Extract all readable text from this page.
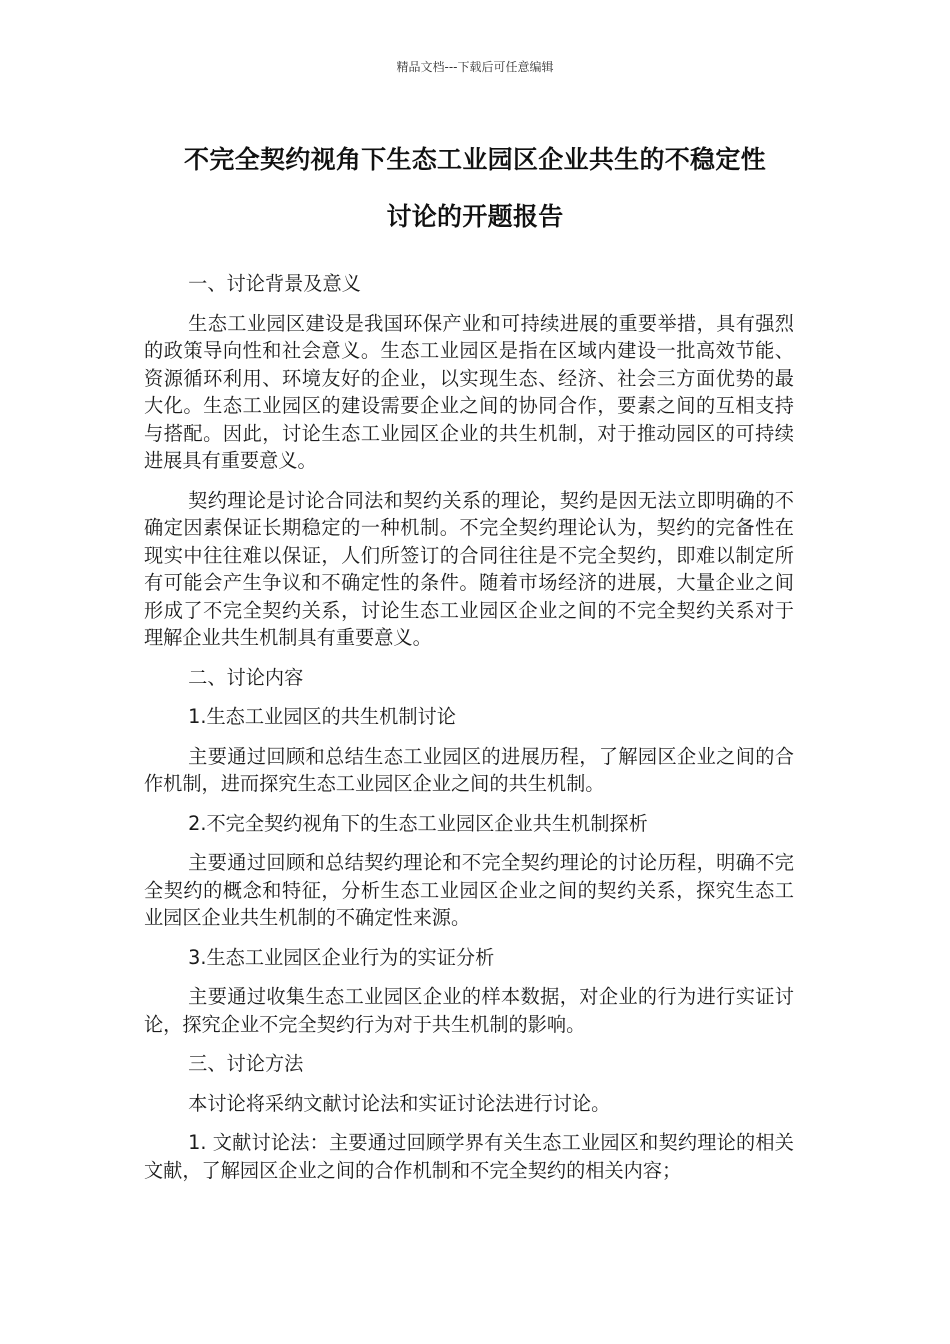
精品文档---下载后可任意编辑
不完全契约视角下生态工业园区企业共生的不稳定性
讨论的开题报告

一、讨论背景及意义

生态工业园区建设是我国环保产业和可持续进展的重要举措，具有强烈的政策导向性和社会意义。生态工业园区是指在区域内建设一批高效节能、资源循环利用、环境友好的企业，以实现生态、经济、社会三方面优势的最大化。生态工业园区的建设需要企业之间的协同合作，要素之间的互相支持与搭配。因此，讨论生态工业园区企业的共生机制，对于推动园区的可持续进展具有重要意义。

契约理论是讨论合同法和契约关系的理论，契约是因无法立即明确的不确定因素保证长期稳定的一种机制。不完全契约理论认为，契约的完备性在现实中往往难以保证，人们所签订的合同往往是不完全契约，即难以制定所有可能会产生争议和不确定性的条件。随着市场经济的进展，大量企业之间形成了不完全契约关系，讨论生态工业园区企业之间的不完全契约关系对于理解企业共生机制具有重要意义。

二、讨论内容

1.生态工业园区的共生机制讨论

主要通过回顾和总结生态工业园区的进展历程，了解园区企业之间的合作机制，进而探究生态工业园区企业之间的共生机制。

2.不完全契约视角下的生态工业园区企业共生机制探析

主要通过回顾和总结契约理论和不完全契约理论的讨论历程，明确不完全契约的概念和特征，分析生态工业园区企业之间的契约关系，探究生态工业园区企业共生机制的不确定性来源。

3.生态工业园区企业行为的实证分析

主要通过收集生态工业园区企业的样本数据，对企业的行为进行实证讨论，探究企业不完全契约行为对于共生机制的影响。

三、讨论方法

本讨论将采纳文献讨论法和实证讨论法进行讨论。

1. 文献讨论法：主要通过回顾学界有关生态工业园区和契约理论的相关文献，了解园区企业之间的合作机制和不完全契约的相关内容；
